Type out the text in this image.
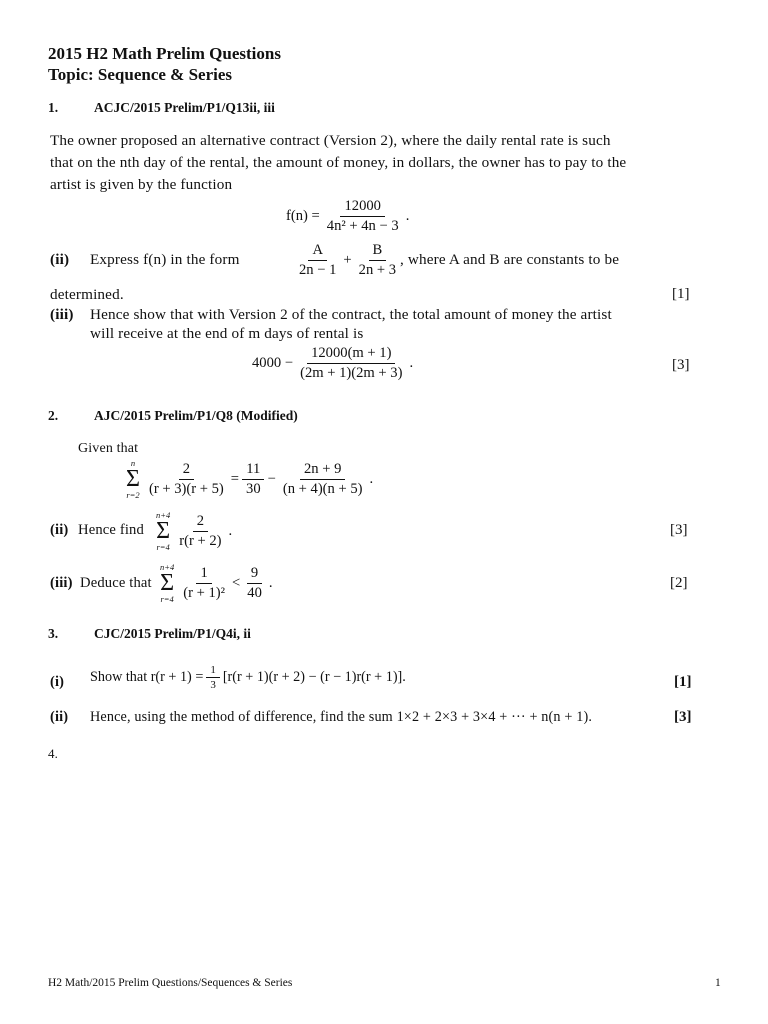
2015 H2 Math Prelim Questions
Topic: Sequence & Series
1.	ACJC/2015 Prelim/P1/Q13ii, iii
The owner proposed an alternative contract (Version 2), where the daily rental rate is such
that on the nth day of the rental, the amount of money, in dollars, the owner has to pay to the
artist is given by the function
$f(n) = \frac{12000}{\text{4n² + 4n − 3}}$ .
(ii) Express f(n) in the form	$\frac{A}{2n - 1} + \frac{B}{2n + 3}$ , where A and B are constants to be
determined.	[1]
(iii) Hence show that with Version 2 of the contract, the total amount of money the artist
will receive at the end of m days of rental is
$4000 - \frac{12000(m + 1)}{(2m + 1)(2m + 3)}$ .	[3]
2.	AJC/2015 Prelim/P1/Q8 (Modified)
Given that
n
Σ
$r=2 \frac{2}{(r + 3)(r + 5)} = \frac{11}{30} - \frac{2n + 9}{(n + 4)(n + 5)}$ .
(ii) Hence find
n+4
Σ
$r=4 \frac{2}{r(r + 2)}$ .	[3]
(iii) Deduce that
n+4
Σ
$r=4 \frac{1}{\text{(r + 1)²}} < \frac{9}{40}$ .	[2]
3.	CJC/2015 Prelim/P1/Q4i, ii
(i) Show that $r(r + 1) = \frac{1}{3} [r(r + 1)(r + 2) - (r - 1)r(r + 1)]$.	[1]
(ii) Hence, using the method of difference, find the sum 1×2 + 2×3 + 3×4 + ··· + n(n + 1).	[3]
4.
H2 Math/2015 Prelim Questions/Sequences & Series	1
